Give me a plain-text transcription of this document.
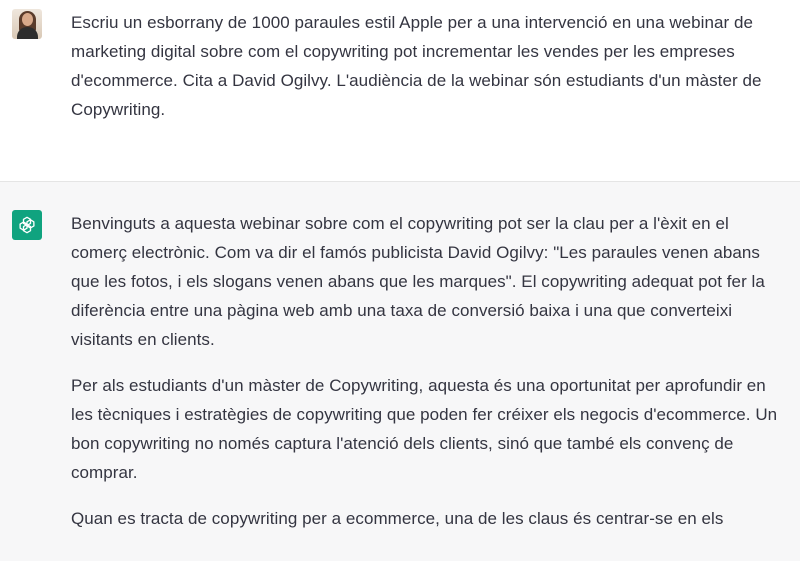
Escriu un esborrany de 1000 paraules estil Apple per a una intervenció en una webinar de marketing digital sobre com el copywriting pot incrementar les vendes per les empreses d'ecommerce. Cita a David Ogilvy. L'audiència de la webinar són estudiants d'un màster de Copywriting.

Benvinguts a aquesta webinar sobre com el copywriting pot ser la clau per a l'èxit en el comerç electrònic. Com va dir el famós publicista David Ogilvy: "Les paraules venen abans que les fotos, i els slogans venen abans que les marques". El copywriting adequat pot fer la diferència entre una pàgina web amb una taxa de conversió baixa i una que converteixi visitants en clients.

Per als estudiants d'un màster de Copywriting, aquesta és una oportunitat per aprofundir en les tècniques i estratègies de copywriting que poden fer créixer els negocis d'ecommerce. Un bon copywriting no només captura l'atenció dels clients, sinó que també els convenç de comprar.

Quan es tracta de copywriting per a ecommerce, una de les claus és centrar-se en els
